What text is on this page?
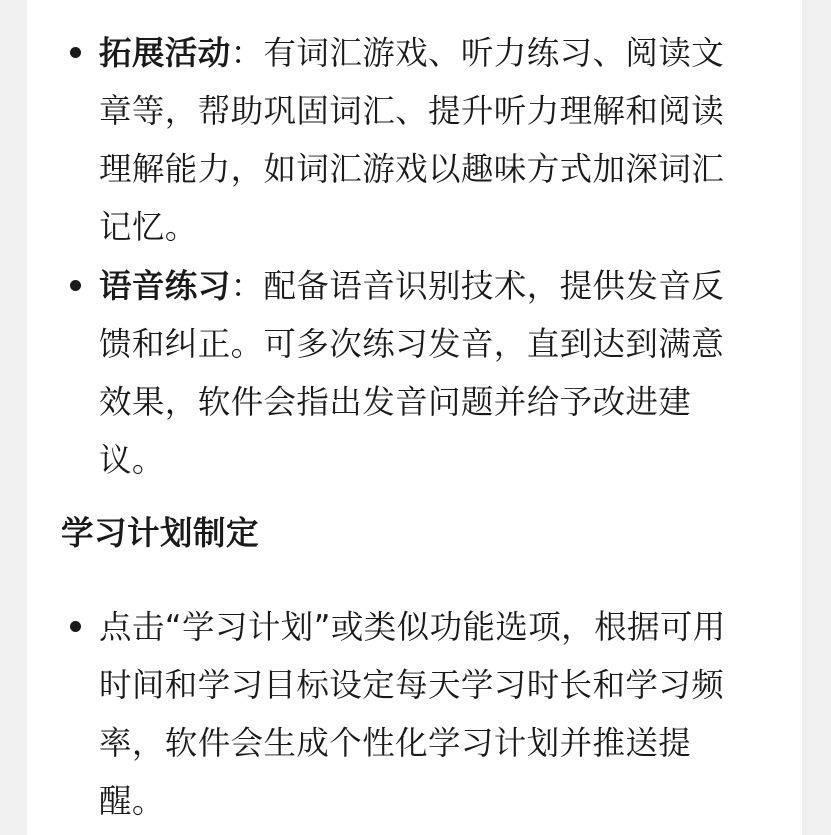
拓展活动：有词汇游戏、听力练习、阅读文章等，帮助巩固词汇、提升听力理解和阅读理解能力，如词汇游戏以趣味方式加深词汇记忆。
语音练习：配备语音识别技术，提供发音反馈和纠正。可多次练习发音，直到达到满意效果，软件会指出发音问题并给予改进建议。
学习计划制定
点击“学习计划”或类似功能选项，根据可用时间和学习目标设定每天学习时长和学习频率，软件会生成个性化学习计划并推送提醒。
